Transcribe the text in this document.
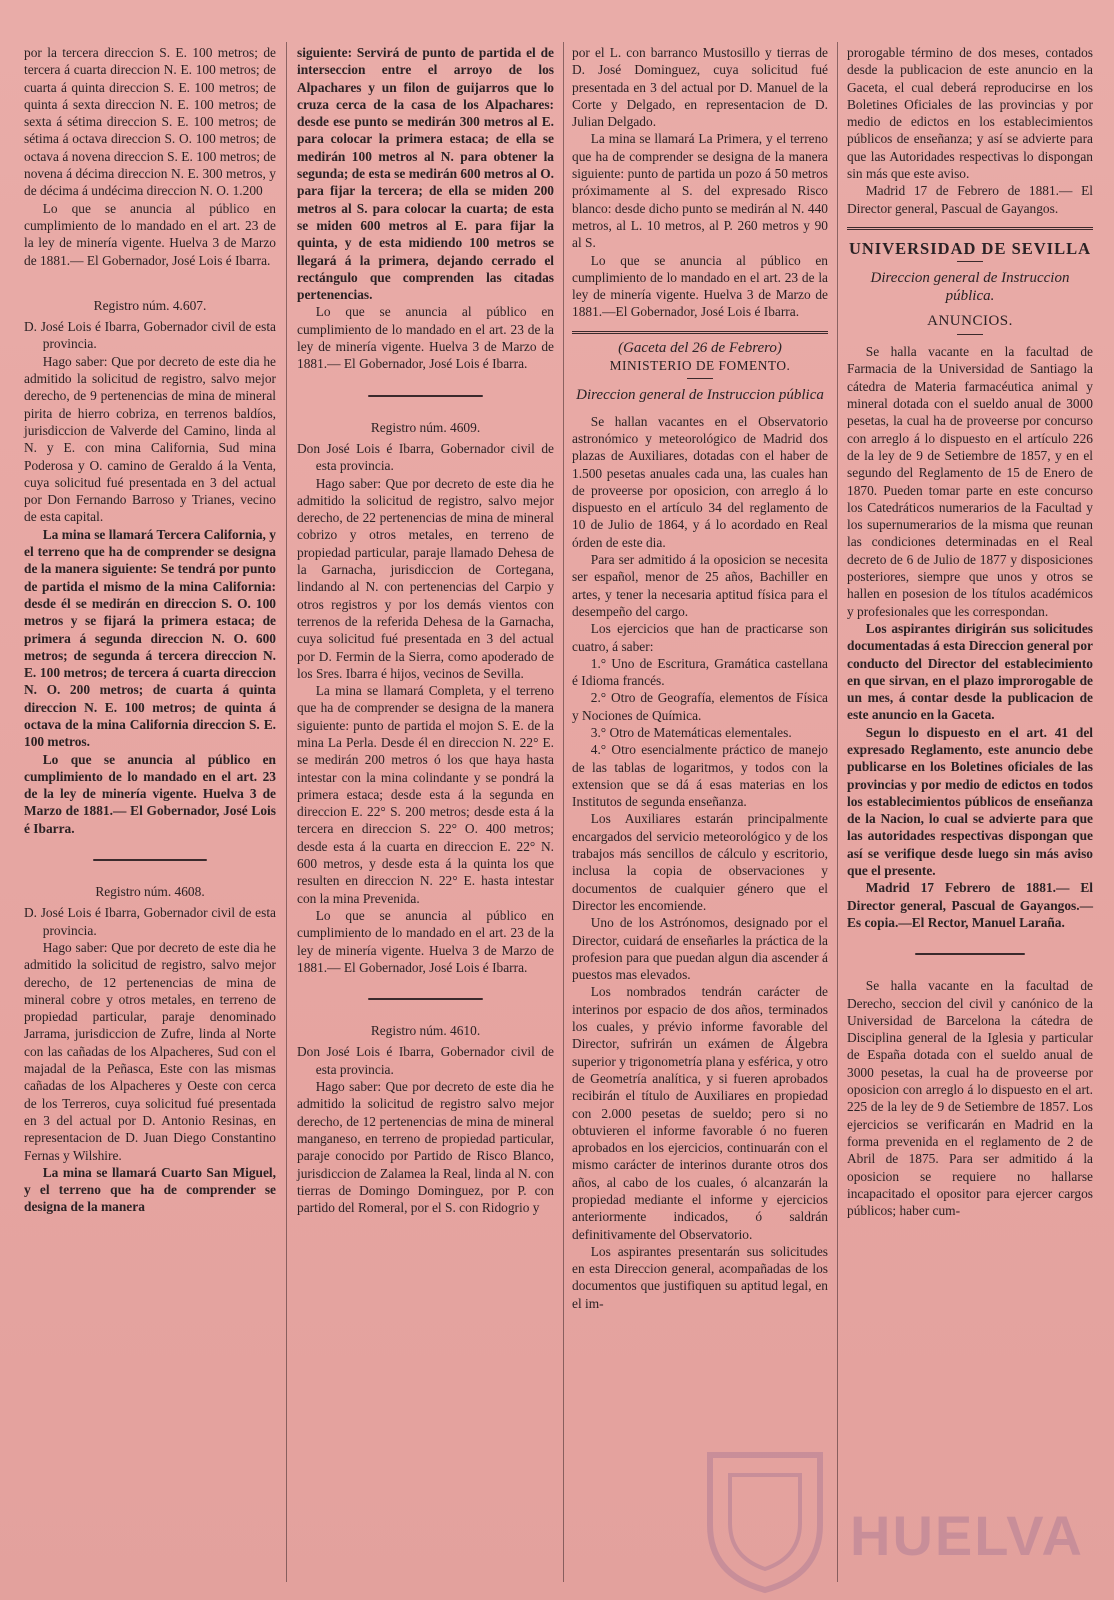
por la tercera direccion S. E. 100 metros; de tercera á cuarta direccion N. E. 100 metros; de cuarta á quinta direccion S. E. 100 metros; de quinta á sexta direccion N. E. 100 metros; de sexta á sétima direccion S. E. 100 metros; de sétima á octava direccion S. O. 100 metros; de octava á novena direccion S. E. 100 metros; de novena á décima direccion N. E. 300 metros, y de décima á undécima direccion N. O. 1.200

Lo que se anuncia al público en cumplimiento de lo mandado en el art. 23 de la ley de minería vigente. Huelva 3 de Marzo de 1881.— El Gobernador, José Lois é Ibarra.

Registro núm. 4.607.

D. José Lois é Ibarra, Gobernador civil de esta provincia.

Hago saber: Que por decreto de este dia he admitido la solicitud de registro, salvo mejor derecho, de 9 pertenencias de mina de mineral pirita de hierro cobriza, en terrenos baldíos, jurisdiccion de Valverde del Camino, linda al N. y E. con mina California, Sud mina Poderosa y O. camino de Geraldo á la Venta, cuya solicitud fué presentada en 3 del actual por Don Fernando Barroso y Trianes, vecino de esta capital.

La mina se llamará Tercera California, y el terreno que ha de comprender se designa de la manera siguiente: Se tendrá por punto de partida el mismo de la mina California: desde él se medirán en direccion S. O. 100 metros y se fijará la primera estaca; de primera á segunda direccion N. O. 600 metros; de segunda á tercera direccion N. E. 100 metros; de tercera á cuarta direccion N. O. 200 metros; de cuarta á quinta direccion N. E. 100 metros; de quinta á octava de la mina California direccion S. E. 100 metros.

Lo que se anuncia al público en cumplimiento de lo mandado en el art. 23 de la ley de minería vigente. Huelva 3 de Marzo de 1881.— El Gobernador, José Lois é Ibarra.

Registro núm. 4608.

D. José Lois é Ibarra, Gobernador civil de esta provincia.

Hago saber: Que por decreto de este dia he admitido la solicitud de registro, salvo mejor derecho, de 12 pertenencias de mina de mineral cobre y otros metales, en terreno de propiedad particular, paraje denominado Jarrama, jurisdiccion de Zufre, linda al Norte con las cañadas de los Alpacheres, Sud con el majadal de la Peñasca, Este con las mismas cañadas de los Alpacheres y Oeste con cerca de los Terreros, cuya solicitud fué presentada en 3 del actual por D. Antonio Resinas, en representacion de D. Juan Diego Constantino Fernas y Wilshire.

La mina se llamará Cuarto San Miguel, y el terreno que ha de comprender se designa de la manera

siguiente: Servirá de punto de partida el de interseccion entre el arroyo de los Alpachares y un filon de guijarros que lo cruza cerca de la casa de los Alpachares: desde ese punto se medirán 300 metros al E. para colocar la primera estaca; de ella se medirán 100 metros al N. para obtener la segunda; de esta se medirán 600 metros al O. para fijar la tercera; de ella se miden 200 metros al S. para colocar la cuarta; de esta se miden 600 metros al E. para fijar la quinta, y de esta midiendo 100 metros se llegará á la primera, dejando cerrado el rectángulo que comprenden las citadas pertenencias.

Lo que se anuncia al público en cumplimiento de lo mandado en el art. 23 de la ley de minería vigente. Huelva 3 de Marzo de 1881.— El Gobernador, José Lois é Ibarra.

Registro núm. 4609.

Don José Lois é Ibarra, Gobernador civil de esta provincia.

Hago saber: Que por decreto de este dia he admitido la solicitud de registro, salvo mejor derecho, de 22 pertenencias de mina de mineral cobrizo y otros metales, en terreno de propiedad particular, paraje llamado Dehesa de la Garnacha, jurisdiccion de Cortegana, lindando al N. con pertenencias del Carpio y otros registros y por los demás vientos con terrenos de la referida Dehesa de la Garnacha, cuya solicitud fué presentada en 3 del actual por D. Fermin de la Sierra, como apoderado de los Sres. Ibarra é hijos, vecinos de Sevilla.

La mina se llamará Completa, y el terreno que ha de comprender se designa de la manera siguiente: punto de partida el mojon S. E. de la mina La Perla. Desde él en direccion N. 22° E. se medirán 200 metros ó los que haya hasta intestar con la mina colindante y se pondrá la primera estaca; desde esta á la segunda en direccion E. 22° S. 200 metros; desde esta á la tercera en direccion S. 22° O. 400 metros; desde esta á la cuarta en direccion E. 22° N. 600 metros, y desde esta á la quinta los que resulten en direccion N. 22° E. hasta intestar con la mina Prevenida.

Lo que se anuncia al público en cumplimiento de lo mandado en el art. 23 de la ley de minería vigente. Huelva 3 de Marzo de 1881.— El Gobernador, José Lois é Ibarra.

Registro núm. 4610.

Don José Lois é Ibarra, Gobernador civil de esta provincia.

Hago saber: Que por decreto de este dia he admitido la solicitud de registro salvo mejor derecho, de 12 pertenencias de mina de mineral manganeso, en terreno de propiedad particular, paraje conocido por Partido de Risco Blanco, jurisdiccion de Zalamea la Real, linda al N. con tierras de Domingo Dominguez, por P. con partido del Romeral, por el S. con Ridogrio y

por el L. con barranco Mustosillo y tierras de D. José Dominguez, cuya solicitud fué presentada en 3 del actual por D. Manuel de la Corte y Delgado, en representacion de D. Julian Delgado.

La mina se llamará La Primera, y el terreno que ha de comprender se designa de la manera siguiente: punto de partida un pozo á 50 metros próximamente al S. del expresado Risco blanco: desde dicho punto se medirán al N. 440 metros, al L. 10 metros, al P. 260 metros y 90 al S.

Lo que se anuncia al público en cumplimiento de lo mandado en el art. 23 de la ley de minería vigente. Huelva 3 de Marzo de 1881.—El Gobernador, José Lois é Ibarra.

(Gaceta del 26 de Febrero)

MINISTERIO DE FOMENTO.

Direccion general de Instruccion pública

Se hallan vacantes en el Observatorio astronómico y meteorológico de Madrid dos plazas de Auxiliares, dotadas con el haber de 1.500 pesetas anuales cada una, las cuales han de proveerse por oposicion, con arreglo á lo dispuesto en el artículo 34 del reglamento de 10 de Julio de 1864, y á lo acordado en Real órden de este dia.

Para ser admitido á la oposicion se necesita ser español, menor de 25 años, Bachiller en artes, y tener la necesaria aptitud física para el desempeño del cargo.

Los ejercicios que han de practicarse son cuatro, á saber:

1.° Uno de Escritura, Gramática castellana é Idioma francés.

2.° Otro de Geografía, elementos de Física y Nociones de Química.

3.° Otro de Matemáticas elementales.

4.° Otro esencialmente práctico de manejo de las tablas de logaritmos, y todos con la extension que se dá á esas materias en los Institutos de segunda enseñanza.

Los Auxiliares estarán principalmente encargados del servicio meteorológico y de los trabajos más sencillos de cálculo y escritorio, inclusa la copia de observaciones y documentos de cualquier género que el Director les encomiende.

Uno de los Astrónomos, designado por el Director, cuidará de enseñarles la práctica de la profesion para que puedan algun dia ascender á puestos mas elevados.

Los nombrados tendrán carácter de interinos por espacio de dos años, terminados los cuales, y prévio informe favorable del Director, sufrirán un exámen de Álgebra superior y trigonometría plana y esférica, y otro de Geometría analítica, y si fueren aprobados recibirán el título de Auxiliares en propiedad con 2.000 pesetas de sueldo; pero si no obtuvieren el informe favorable ó no fueren aprobados en los ejercicios, continuarán con el mismo carácter de interinos durante otros dos años, al cabo de los cuales, ó alcanzarán la propiedad mediante el informe y ejercicios anteriormente indicados, ó saldrán definitivamente del Observatorio.

Los aspirantes presentarán sus solicitudes en esta Direccion general, acompañadas de los documentos que justifiquen su aptitud legal, en el im-

prorogable término de dos meses, contados desde la publicacion de este anuncio en la Gaceta, el cual deberá reproducirse en los Boletines Oficiales de las provincias y por medio de edictos en los establecimientos públicos de enseñanza; y así se advierte para que las Autoridades respectivas lo dispongan sin más que este aviso.

Madrid 17 de Febrero de 1881.— El Director general, Pascual de Gayangos.

UNIVERSIDAD DE SEVILLA

Direccion general de Instruccion pública.

ANUNCIOS.

Se halla vacante en la facultad de Farmacia de la Universidad de Santiago la cátedra de Materia farmacéutica animal y mineral dotada con el sueldo anual de 3000 pesetas, la cual ha de proveerse por concurso con arreglo á lo dispuesto en el artículo 226 de la ley de 9 de Setiembre de 1857, y en el segundo del Reglamento de 15 de Enero de 1870. Pueden tomar parte en este concurso los Catedráticos numerarios de la Facultad y los supernumerarios de la misma que reunan las condiciones determinadas en el Real decreto de 6 de Julio de 1877 y disposiciones posteriores, siempre que unos y otros se hallen en posesion de los títulos académicos y profesionales que les correspondan.

Los aspirantes dirigirán sus solicitudes documentadas á esta Direccion general por conducto del Director del establecimiento en que sirvan, en el plazo improrogable de un mes, á contar desde la publicacion de este anuncio en la Gaceta.

Segun lo dispuesto en el art. 41 del expresado Reglamento, este anuncio debe publicarse en los Boletines oficiales de las provincias y por medio de edictos en todos los establecimientos públicos de enseñanza de la Nacion, lo cual se advierte para que las autoridades respectivas dispongan que así se verifique desde luego sin más aviso que el presente.

Madrid 17 Febrero de 1881.— El Director general, Pascual de Gayangos.—Es copia.—El Rector, Manuel Laraña.

Se halla vacante en la facultad de Derecho, seccion del civil y canónico de la Universidad de Barcelona la cátedra de Disciplina general de la Iglesia y particular de España dotada con el sueldo anual de 3000 pesetas, la cual ha de proveerse por oposicion con arreglo á lo dispuesto en el art. 225 de la ley de 9 de Setiembre de 1857. Los ejercicios se verificarán en Madrid en la forma prevenida en el reglamento de 2 de Abril de 1875. Para ser admitido á la oposicion se requiere no hallarse incapacitado el opositor para ejercer cargos públicos; haber cum-

HUELVA
